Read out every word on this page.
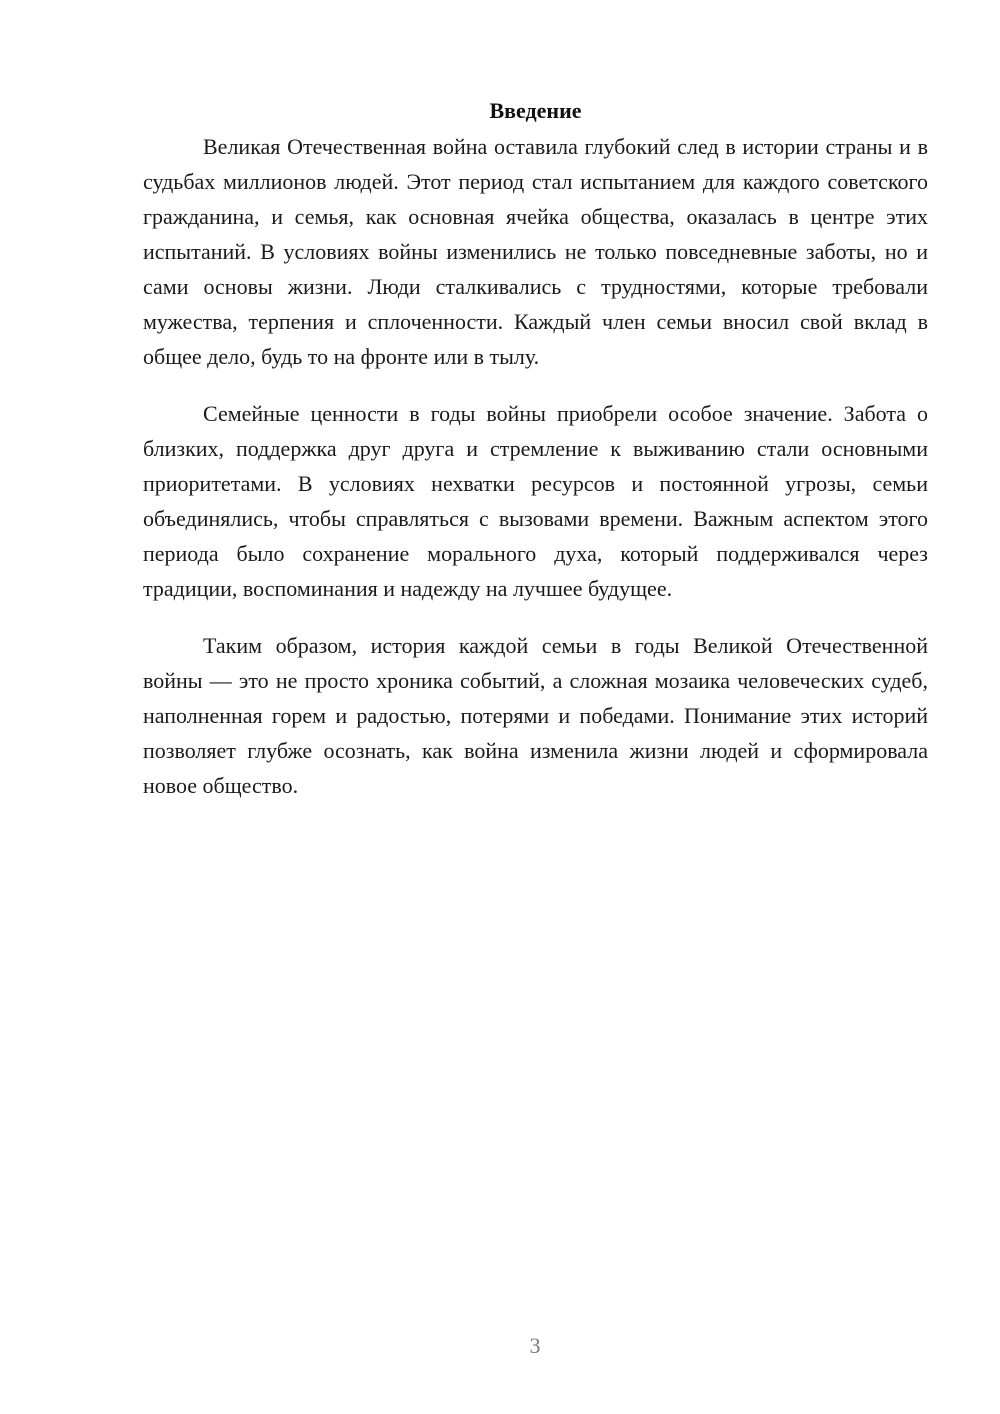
Введение

Великая Отечественная война оставила глубокий след в истории страны и в судьбах миллионов людей. Этот период стал испытанием для каждого советского гражданина, и семья, как основная ячейка общества, оказалась в центре этих испытаний. В условиях войны изменились не только повседневные заботы, но и сами основы жизни. Люди сталкивались с трудностями, которые требовали мужества, терпения и сплоченности. Каждый член семьи вносил свой вклад в общее дело, будь то на фронте или в тылу.

Семейные ценности в годы войны приобрели особое значение. Забота о близких, поддержка друг друга и стремление к выживанию стали основными приоритетами. В условиях нехватки ресурсов и постоянной угрозы, семьи объединялись, чтобы справляться с вызовами времени. Важным аспектом этого периода было сохранение морального духа, который поддерживался через традиции, воспоминания и надежду на лучшее будущее.

Таким образом, история каждой семьи в годы Великой Отечественной войны — это не просто хроника событий, а сложная мозаика человеческих судеб, наполненная горем и радостью, потерями и победами. Понимание этих историй позволяет глубже осознать, как война изменила жизни людей и сформировала новое общество.

3
